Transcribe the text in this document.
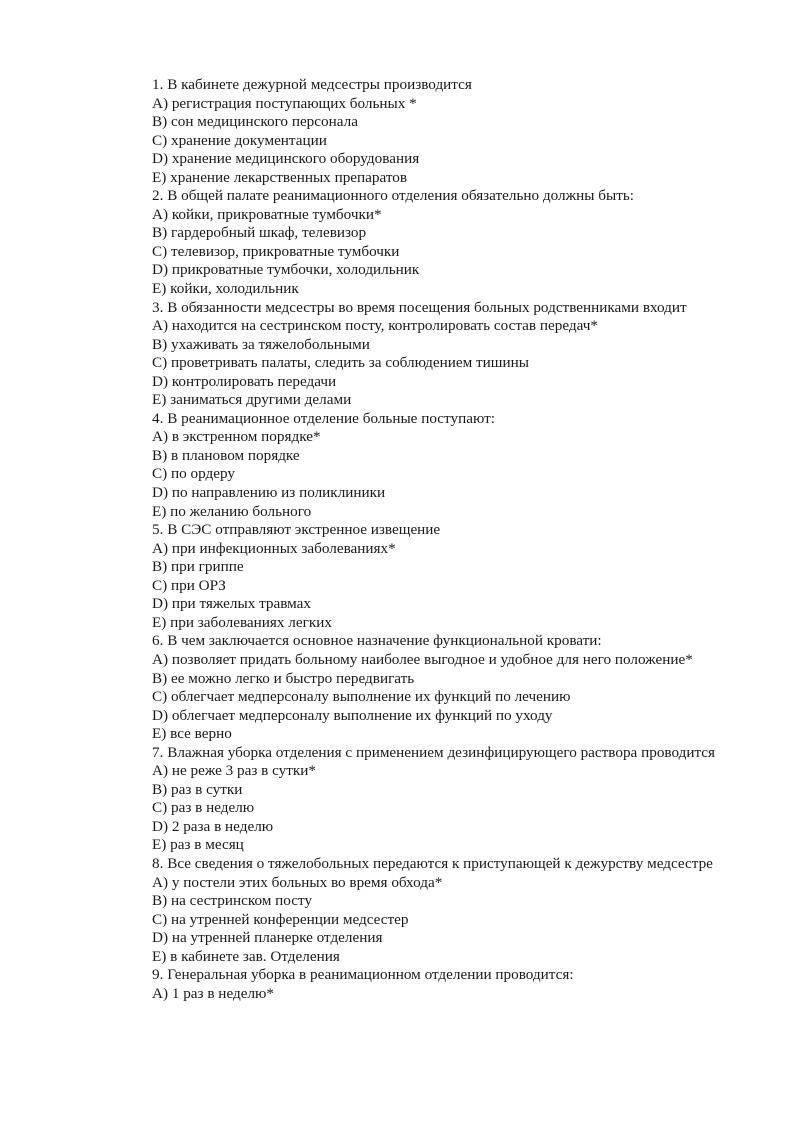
1. В кабинете дежурной медсестры производится
A) регистрация поступающих больных *
B) сон медицинского персонала
C) хранение документации
D) хранение медицинского оборудования
E) хранение лекарственных препаратов
2. В общей палате реанимационного отделения обязательно должны быть:
A) койки, прикроватные тумбочки*
B) гардеробный шкаф, телевизор
C) телевизор, прикроватные тумбочки
D) прикроватные тумбочки, холодильник
E) койки, холодильник
3. В обязанности медсестры во время посещения больных родственниками входит
A) находится на сестринском посту, контролировать состав передач*
B) ухаживать за тяжелобольными
C) проветривать палаты, следить за соблюдением тишины
D) контролировать передачи
E) заниматься другими делами
4. В реанимационное отделение больные поступают:
A) в экстренном порядке*
B) в плановом порядке
C) по ордеру
D) по направлению из поликлиники
E) по желанию больного
5. В СЭС отправляют экстренное извещение
A) при инфекционных заболеваниях*
B) при гриппе
C) при ОРЗ
D) при тяжелых травмах
E) при заболеваниях легких
6. В чем заключается основное назначение функциональной кровати:
A) позволяет придать больному наиболее выгодное и удобное для него положение*
B) ее можно легко и быстро передвигать
C) облегчает медперсоналу выполнение их функций по лечению
D) облегчает медперсоналу выполнение их функций по уходу
E) все верно
7. Влажная уборка отделения с применением дезинфицирующего раствора проводится
A) не реже 3 раз в сутки*
B) раз в сутки
C) раз в неделю
D) 2 раза в неделю
E) раз в месяц
8. Все сведения о тяжелобольных передаются к приступающей к дежурству медсестре
A) у постели этих больных во время обхода*
B) на сестринском посту
C) на утренней конференции медсестер
D) на утренней планерке отделения
E) в кабинете зав. Отделения
9. Генеральная уборка в реанимационном отделении проводится:
A) 1 раз в неделю*
